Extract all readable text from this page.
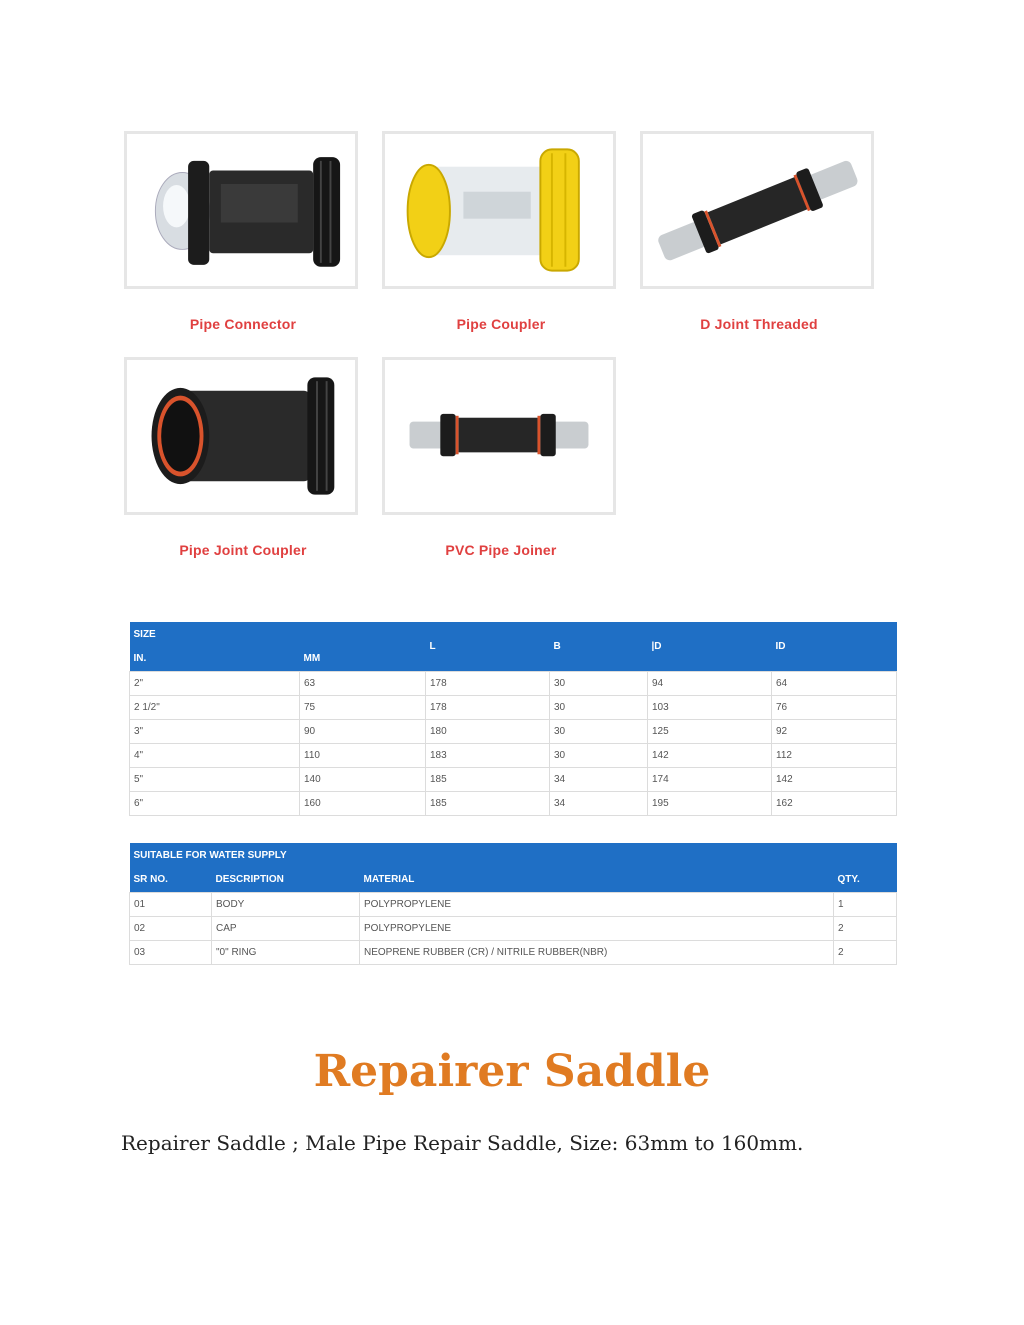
Pipe Connector	Pipe Coupler	D Joint Threaded
Pipe Joint Coupler	PVC Pipe Joiner
SIZE		L	B	|D	ID
IN.	MM				
2"	63	178	30	94	64
2 1/2"	75	178	30	103	76
3"	90	180	30	125	92
4"	110	183	30	142	112
5"	140	185	34	174	142
6"	160	185	34	195	162
SUITABLE FOR WATER SUPPLY			
SR NO.	DESCRIPTION	MATERIAL	QTY.
01	BODY	POLYPROPYLENE	1
02	CAP	POLYPROPYLENE	2
03	"0" RING	NEOPRENE RUBBER (CR) / NITRILE RUBBER(NBR)	2
Repairer Saddle
Repairer Saddle ; Male Pipe Repair Saddle, Size: 63mm to 160mm.
